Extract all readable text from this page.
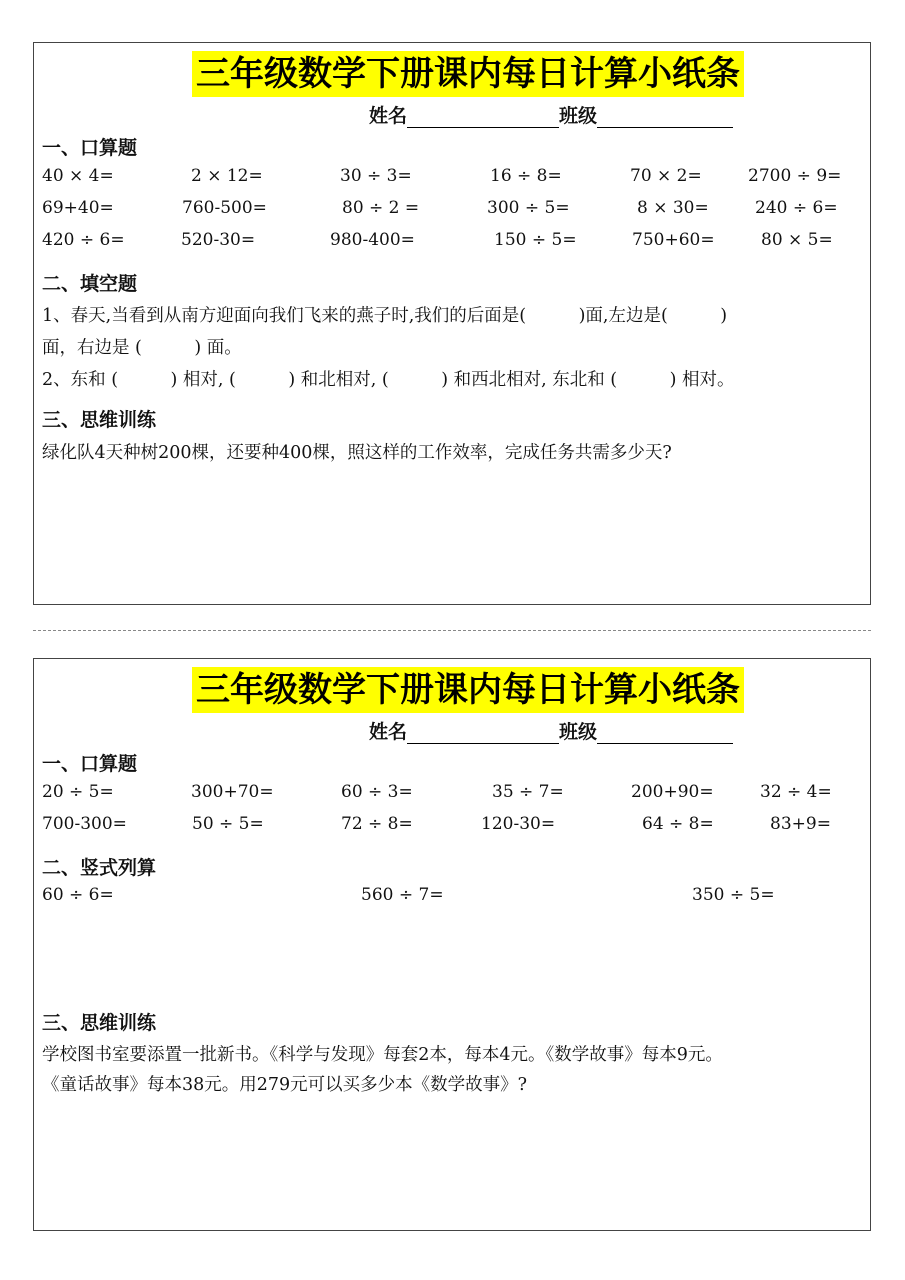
三年级数学下册课内每日计算小纸条
姓名	班级
一、口算题
40 × 4=	2 × 12=	30 ÷ 3=	16 ÷ 8=	70 × 2=	2700 ÷ 9=
69+40=	760-500=	80 ÷ 2 =	300 ÷ 5=	8 × 30=	240 ÷ 6=
420 ÷ 6=	520-30=	980-400=	150 ÷ 5=	750+60=	80 × 5=
二、填空题
1、春天,当看到从南方迎面向我们飞来的燕子时,我们的后面是(　　　)面,左边是(　　　)
面，右边是 (　　　) 面。
2、东和 (　　　) 相对, (　　　) 和北相对, (　　　) 和西北相对, 东北和 (　　　) 相对。
三、思维训练
绿化队4天种树200棵，还要种400棵，照这样的工作效率，完成任务共需多少天?
三年级数学下册课内每日计算小纸条
姓名	班级
一、口算题
20 ÷ 5=	300+70=	60 ÷ 3=	35 ÷ 7=	200+90=	32 ÷ 4=
700-300=	50 ÷ 5=	72 ÷ 8=	120-30=	64 ÷ 8=	83+9=
二、竖式列算
60 ÷ 6=	560 ÷ 7=	350 ÷ 5=
三、思维训练
学校图书室要添置一批新书。《科学与发现》每套2本，每本4元。《数学故事》每本9元。
《童话故事》每本38元。用279元可以买多少本《数学故事》?
